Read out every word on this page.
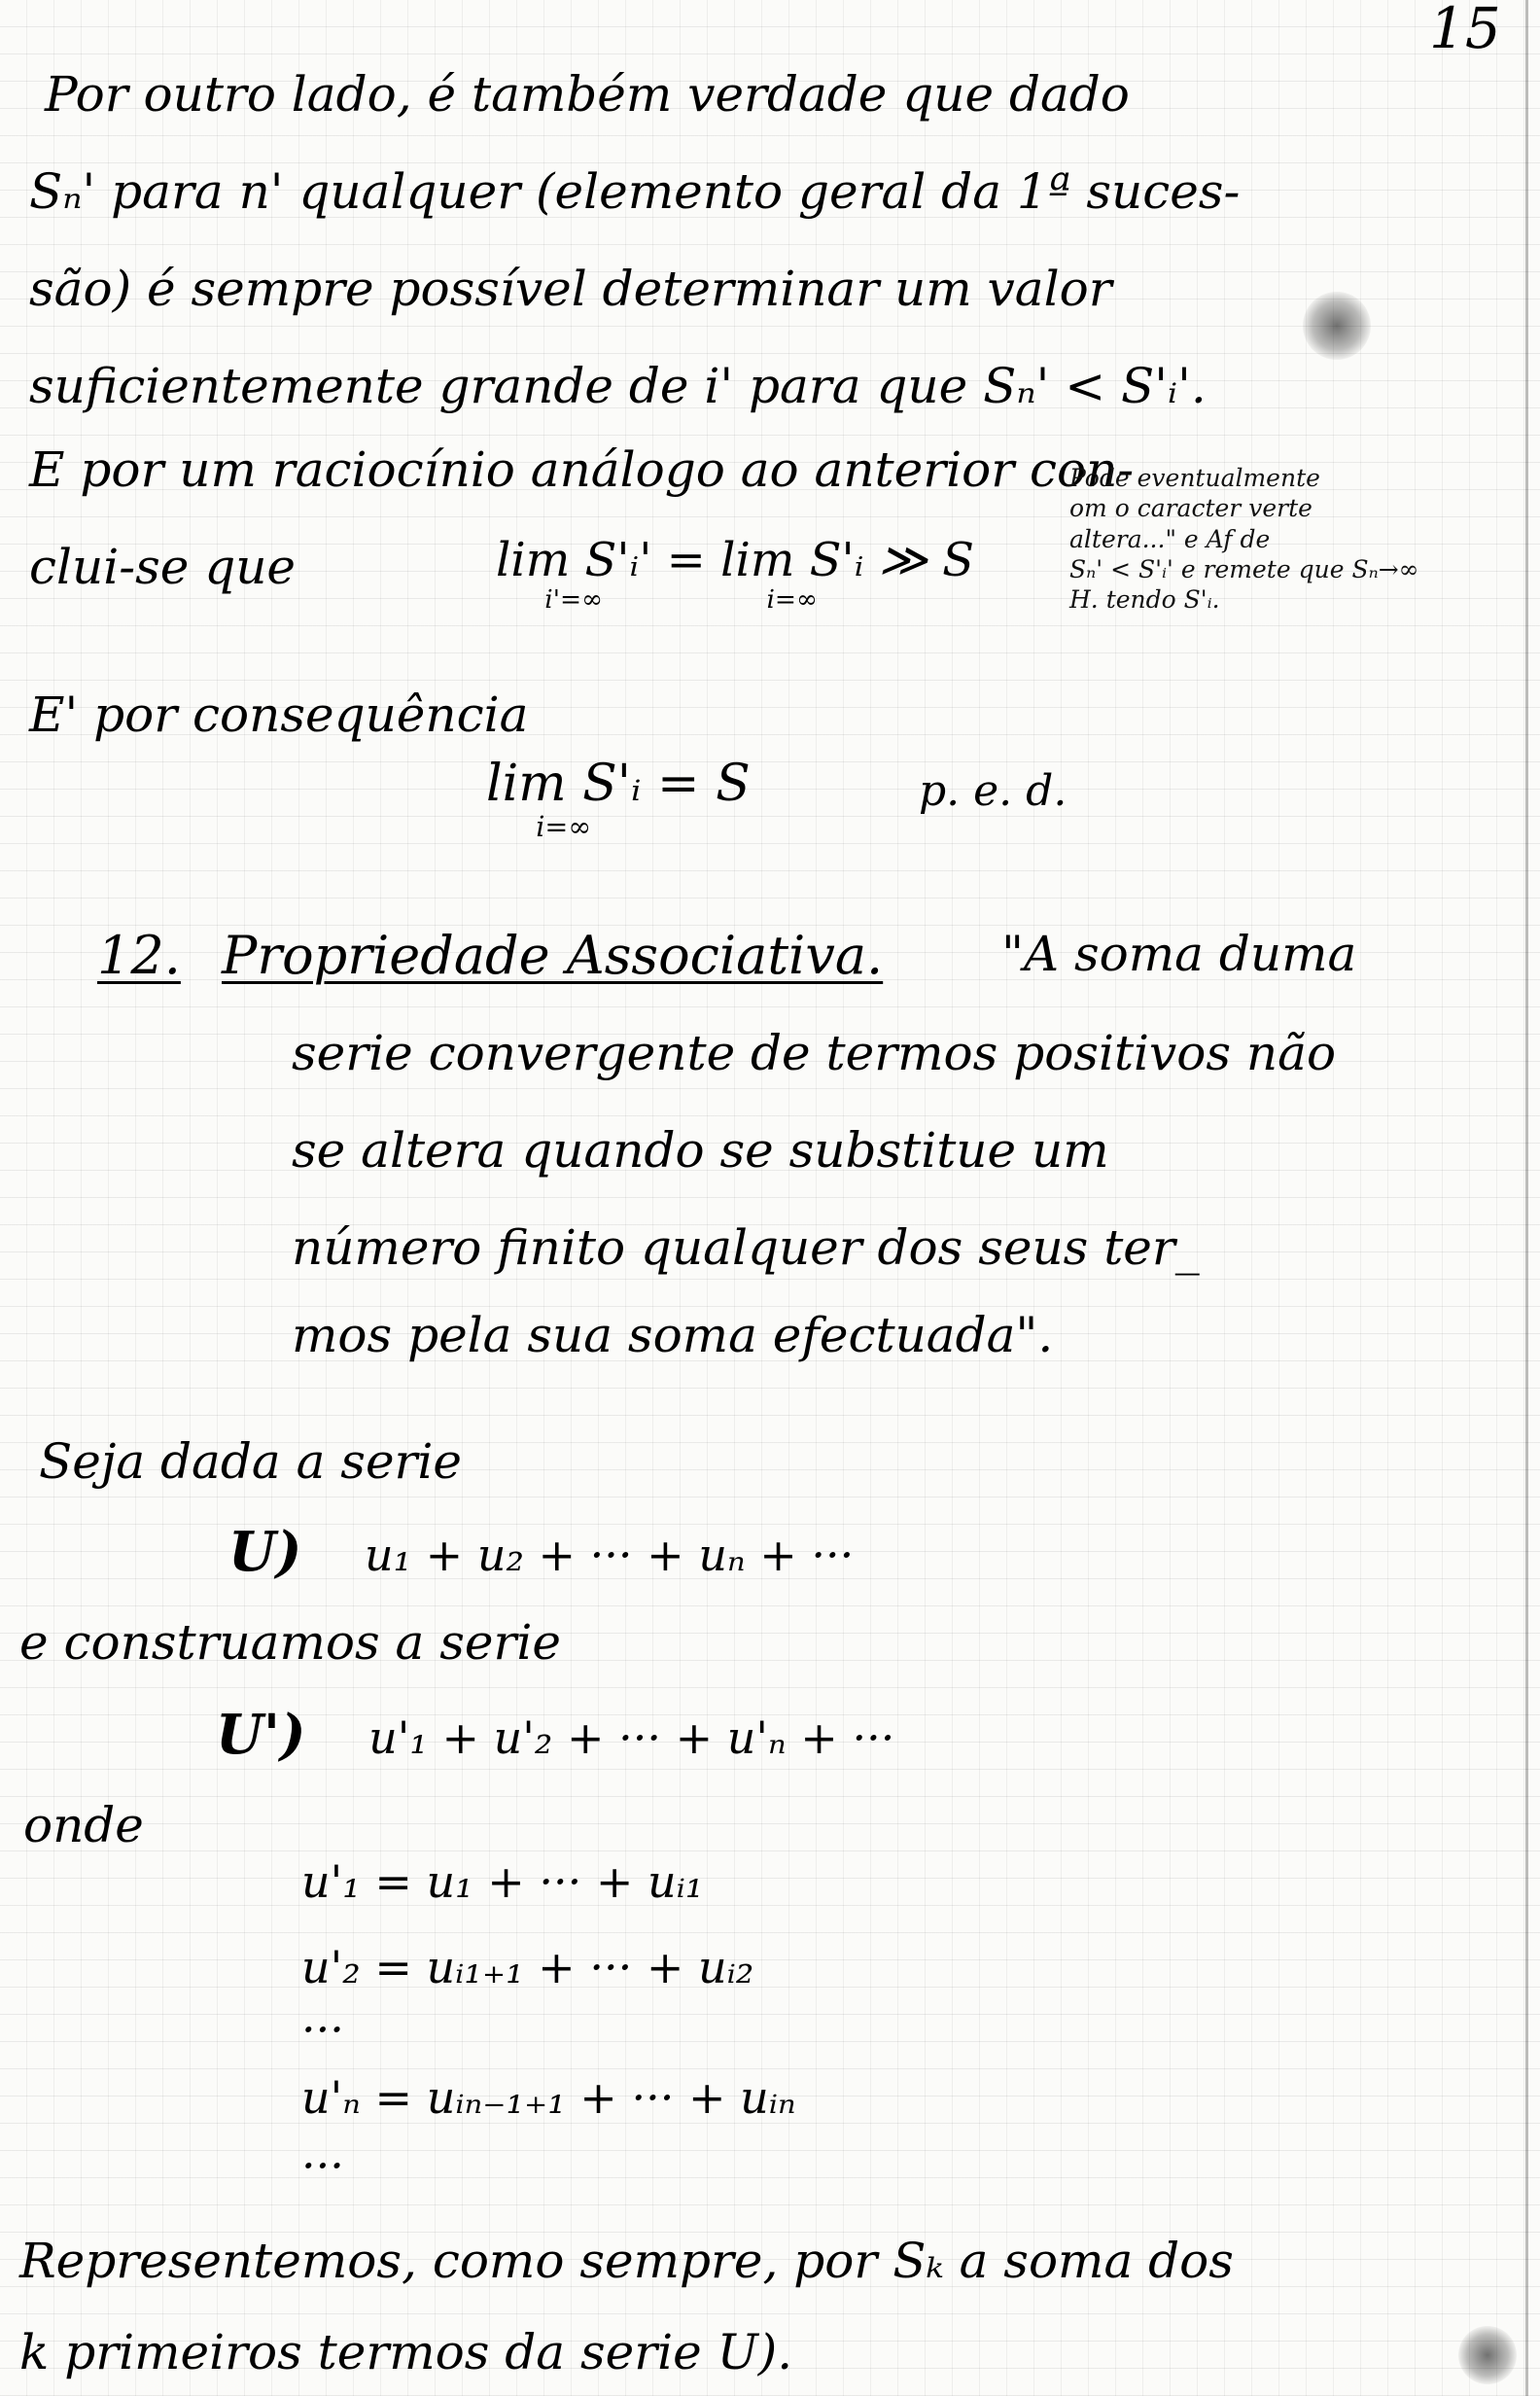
15
Por outro lado, é também verdade que dado
Sₙ' para n' qualquer (elemento geral da 1ª suces-
são) é sempre possível determinar um valor
suficientemente grande de i' para que Sₙ' < S'ᵢ'.
E por um raciocínio análogo ao anterior con-
clui-se que	lim S'ᵢ'
i'=∞
= lim S'ᵢ
i=∞
≫ S
Pode eventualmente
om o caracter verte
altera..." e Af de
Sₙ' < S'ᵢ' e remete que Sₙ→∞
H. tendo S'ᵢ.
E' por consequência
lim S'ᵢ
i=∞
= S	p. e. d.
12. Propriedade Associativa. "A soma duma
serie convergente de termos positivos não
se altera quando se substitue um
número finito qualquer dos seus ter_
mos pela sua soma efectuada".
Seja dada a serie
U) u₁ + u₂ + ··· + uₙ + ···
e construamos a serie
U') u'₁ + u'₂ + ··· + u'ₙ + ···
onde
u'₁ = u₁ + ··· + uᵢ₁
u'₂ = uᵢ₁₊₁ + ··· + uᵢ₂
···
u'ₙ = uᵢₙ₋₁₊₁ + ··· + uᵢₙ
···
Representemos, como sempre, por Sₖ a soma dos
k primeiros termos da serie U).
